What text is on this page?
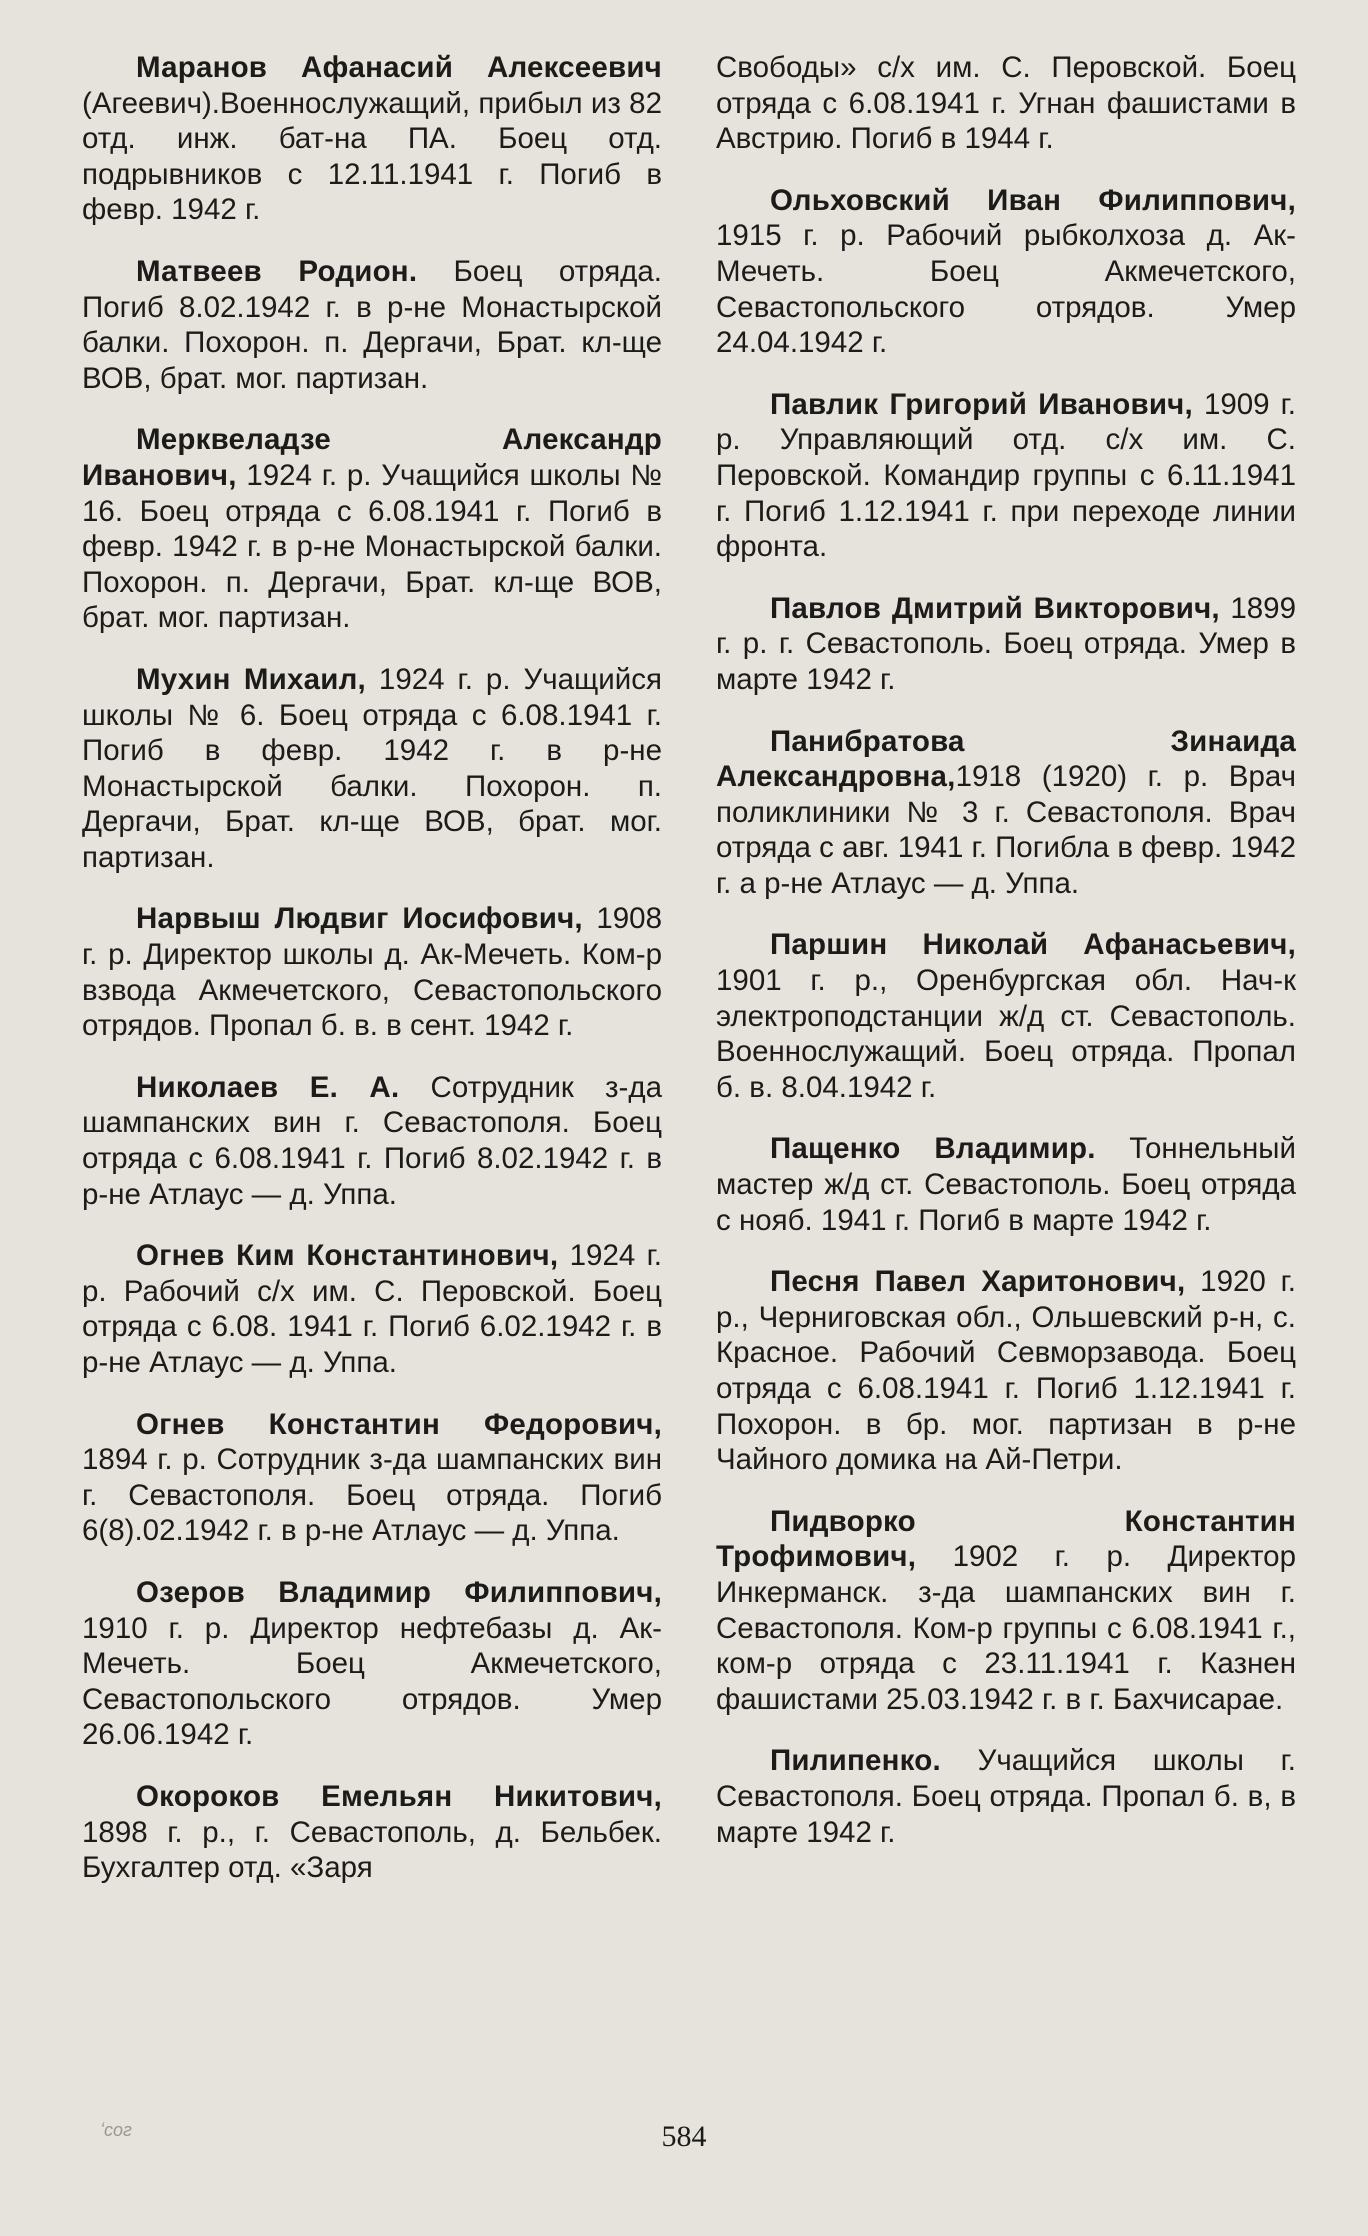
Маранов Афанасий Алексеевич (Агеевич).Военнослужащий, прибыл из 82 отд. инж. бат-на ПА. Боец отд. подрывников с 12.11.1941 г. Погиб в февр. 1942 г.

Матвеев Родион. Боец отряда. Погиб 8.02.1942 г. в р-не Монастырской балки. Похорон. п. Дергачи, Брат. кл-ще ВОВ, брат. мог. партизан.

Мерквеладзе Александр Иванович, 1924 г. р. Учащийся школы № 16. Боец отряда с 6.08.1941 г. Погиб в февр. 1942 г. в р-не Монастырской балки. Похорон. п. Дергачи, Брат. кл-ще ВОВ, брат. мог. партизан.

Мухин Михаил, 1924 г. р. Учащийся школы № 6. Боец отряда с 6.08.1941 г. Погиб в февр. 1942 г. в р-не Монастырской балки. Похорон. п. Дергачи, Брат. кл-ще ВОВ, брат. мог. партизан.

Нарвыш Людвиг Иосифович, 1908 г. р. Директор школы д. Ак-Мечеть. Ком-р взвода Акмечетского, Севастопольского отрядов. Пропал б. в. в сент. 1942 г.

Николаев Е. А. Сотрудник з-да шампанских вин г. Севастополя. Боец отряда с 6.08.1941 г. Погиб 8.02.1942 г. в р-не Атлаус — д. Уппа.

Огнев Ким Константинович, 1924 г. р. Рабочий с/х им. С. Перовской. Боец отряда с 6.08. 1941 г. Погиб 6.02.1942 г. в р-не Атлаус — д. Уппа.

Огнев Константин Федорович, 1894 г. р. Сотрудник з-да шампанских вин г. Севастополя. Боец отряда. Погиб 6(8).02.1942 г. в р-не Атлаус — д. Уппа.

Озеров Владимир Филиппович, 1910 г. р. Директор нефтебазы д. Ак-Мечеть. Боец Акмечетского, Севастопольского отрядов. Умер 26.06.1942 г.

Окороков Емельян Никитович, 1898 г. р., г. Севастополь, д. Бельбек. Бухгалтер отд. «Заря

Свободы» с/х им. С. Перовской. Боец отряда с 6.08.1941 г. Угнан фашистами в Австрию. Погиб в 1944 г.

Ольховский Иван Филиппович, 1915 г. р. Рабочий рыбколхоза д. Ак-Мечеть. Боец Акмечетского, Севастопольского отрядов. Умер 24.04.1942 г.

Павлик Григорий Иванович, 1909 г. р. Управляющий отд. с/х им. С. Перовской. Командир группы с 6.11.1941 г. Погиб 1.12.1941 г. при переходе линии фронта.

Павлов Дмитрий Викторович, 1899 г. р. г. Севастополь. Боец отряда. Умер в марте 1942 г.

Панибратова Зинаида Александровна,1918 (1920) г. р. Врач поликлиники № 3 г. Севастополя. Врач отряда с авг. 1941 г. Погибла в февр. 1942 г. а р-не Атлаус — д. Уппа.

Паршин Николай Афанасьевич, 1901 г. р., Оренбургская обл. Нач-к электроподстанции ж/д ст. Севастополь. Военнослужащий. Боец отряда. Пропал б. в. 8.04.1942 г.

Пащенко Владимир. Тоннельный мастер ж/д ст. Севастополь. Боец отряда с нояб. 1941 г. Погиб в марте 1942 г.

Песня Павел Харитонович, 1920 г. р., Черниговская обл., Ольшевский р-н, с. Красное. Рабочий Севморзавода. Боец отряда с 6.08.1941 г. Погиб 1.12.1941 г. Похорон. в бр. мог. партизан в р-не Чайного домика на Ай-Петри.

Пидворко Константин Трофимович, 1902 г. р. Директор Инкерманск. з-да шампанских вин г. Севастополя. Ком-р группы с 6.08.1941 г., ком-р отряда с 23.11.1941 г. Казнен фашистами 25.03.1942 г. в г. Бахчисарае.

Пилипенко. Учащийся школы г. Севастополя. Боец отряда. Пропал б. в, в марте 1942 г.

ʻсог	584
